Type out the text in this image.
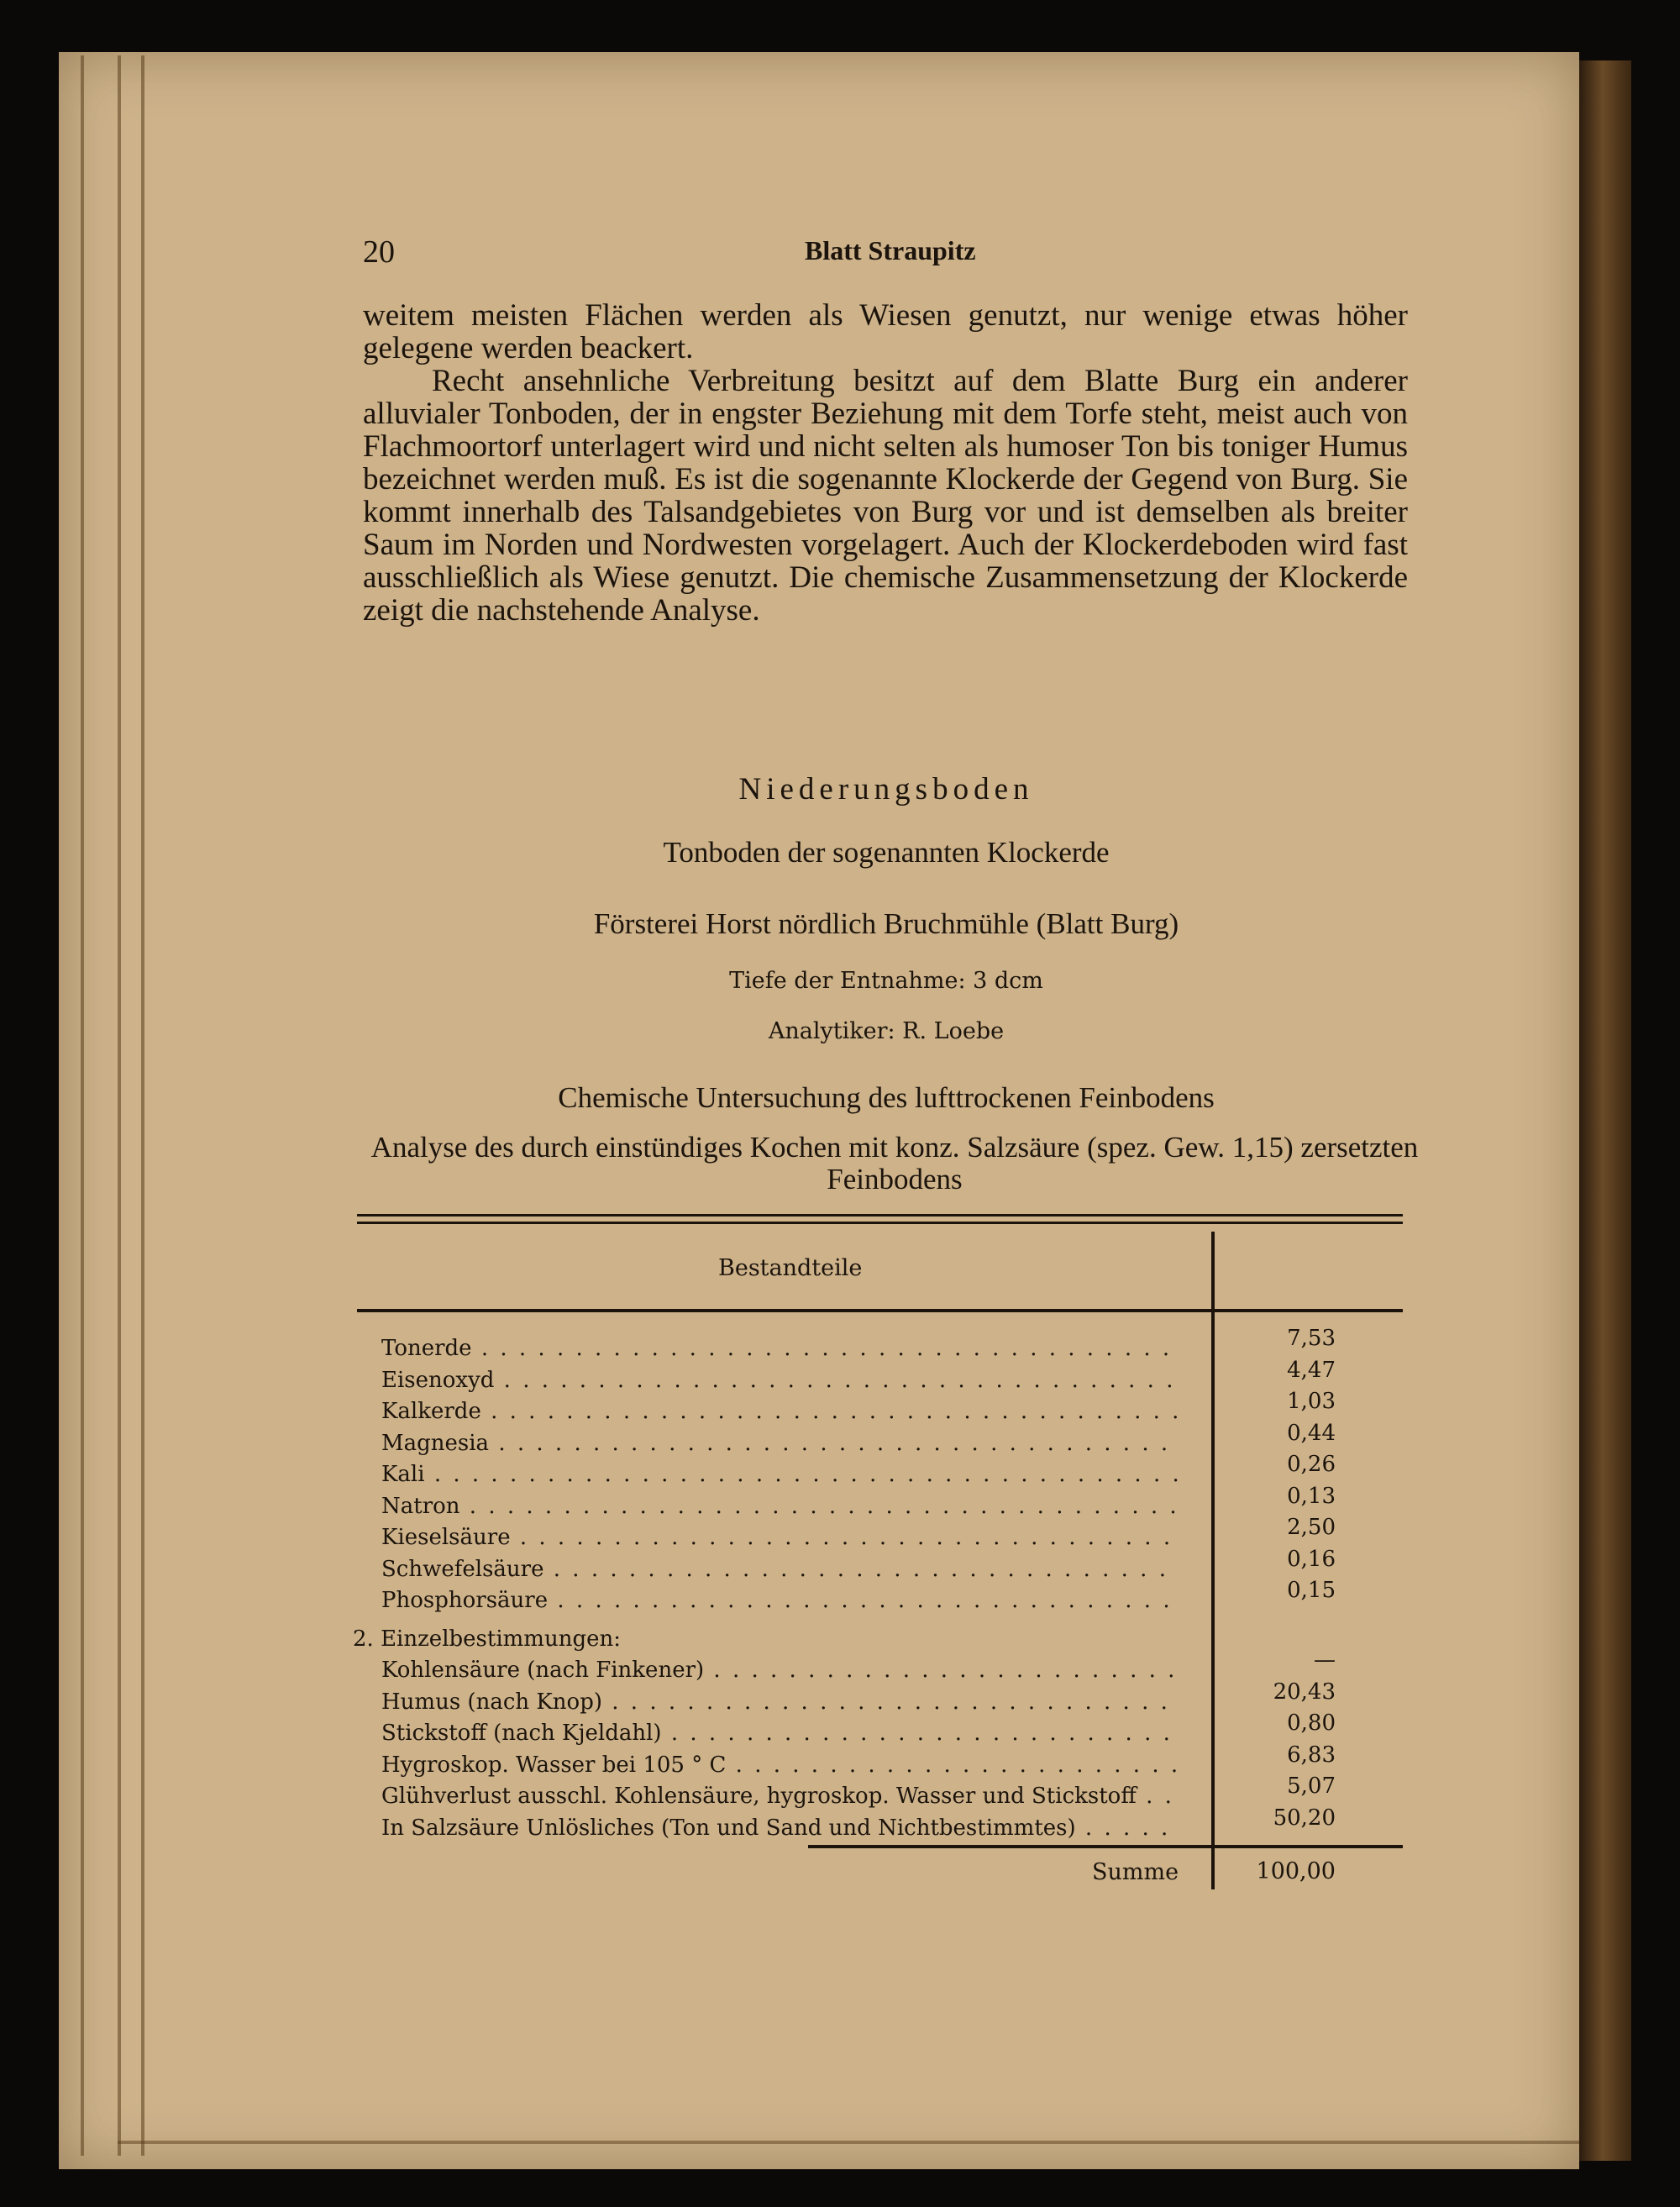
20	Blatt Straupitz
weitem meisten Flächen werden als Wiesen genutzt, nur wenige etwas höher gelegene werden beackert.
Recht ansehnliche Verbreitung besitzt auf dem Blatte Burg ein anderer alluvialer Tonboden, der in engster Beziehung mit dem Torfe steht, meist auch von Flachmoortorf unterlagert wird und nicht selten als humoser Ton bis toniger Humus bezeichnet werden muß. Es ist die sogenannte Klockerde der Gegend von Burg. Sie kommt innerhalb des Talsandgebietes von Burg vor und ist demselben als breiter Saum im Norden und Nordwesten vorgelagert. Auch der Klockerdeboden wird fast ausschließlich als Wiese genutzt. Die chemische Zusammensetzung der Klockerde zeigt die nachstehende Analyse.
Niederungsboden
Tonboden der sogenannten Klockerde
Försterei Horst nördlich Bruchmühle (Blatt Burg)
Tiefe der Entnahme: 3 dcm
Analytiker: R. Loebe
Chemische Untersuchung des lufttrockenen Feinbodens
Analyse des durch einstündiges Kochen mit konz. Salzsäure (spez. Gew. 1,15) zersetzten Feinbodens
Bestandteile
Tonerde . . .	7,53
Eisenoxyd . . .	4,47
Kalkerde . . .	1,03
Magnesia . . .	0,44
Kali . . .	0,26
Natron . . .	0,13
Kieselsäure . . .	2,50
Schwefelsäure . . .	0,16
Phosphorsäure . . .	0,15
2. Einzelbestimmungen:
Kohlensäure (nach Finkener) . . .	—
Humus (nach Knop) . . .	20,43
Stickstoff (nach Kjeldahl) . . .	0,80
Hygroskop. Wasser bei 105 ° C . . .	6,83
Glühverlust ausschl. Kohlensäure, hygroskop. Wasser und Stickstoff . . .	5,07
In Salzsäure Unlösliches (Ton und Sand und Nichtbestimmtes) . . .	50,20
Summe	100,00
